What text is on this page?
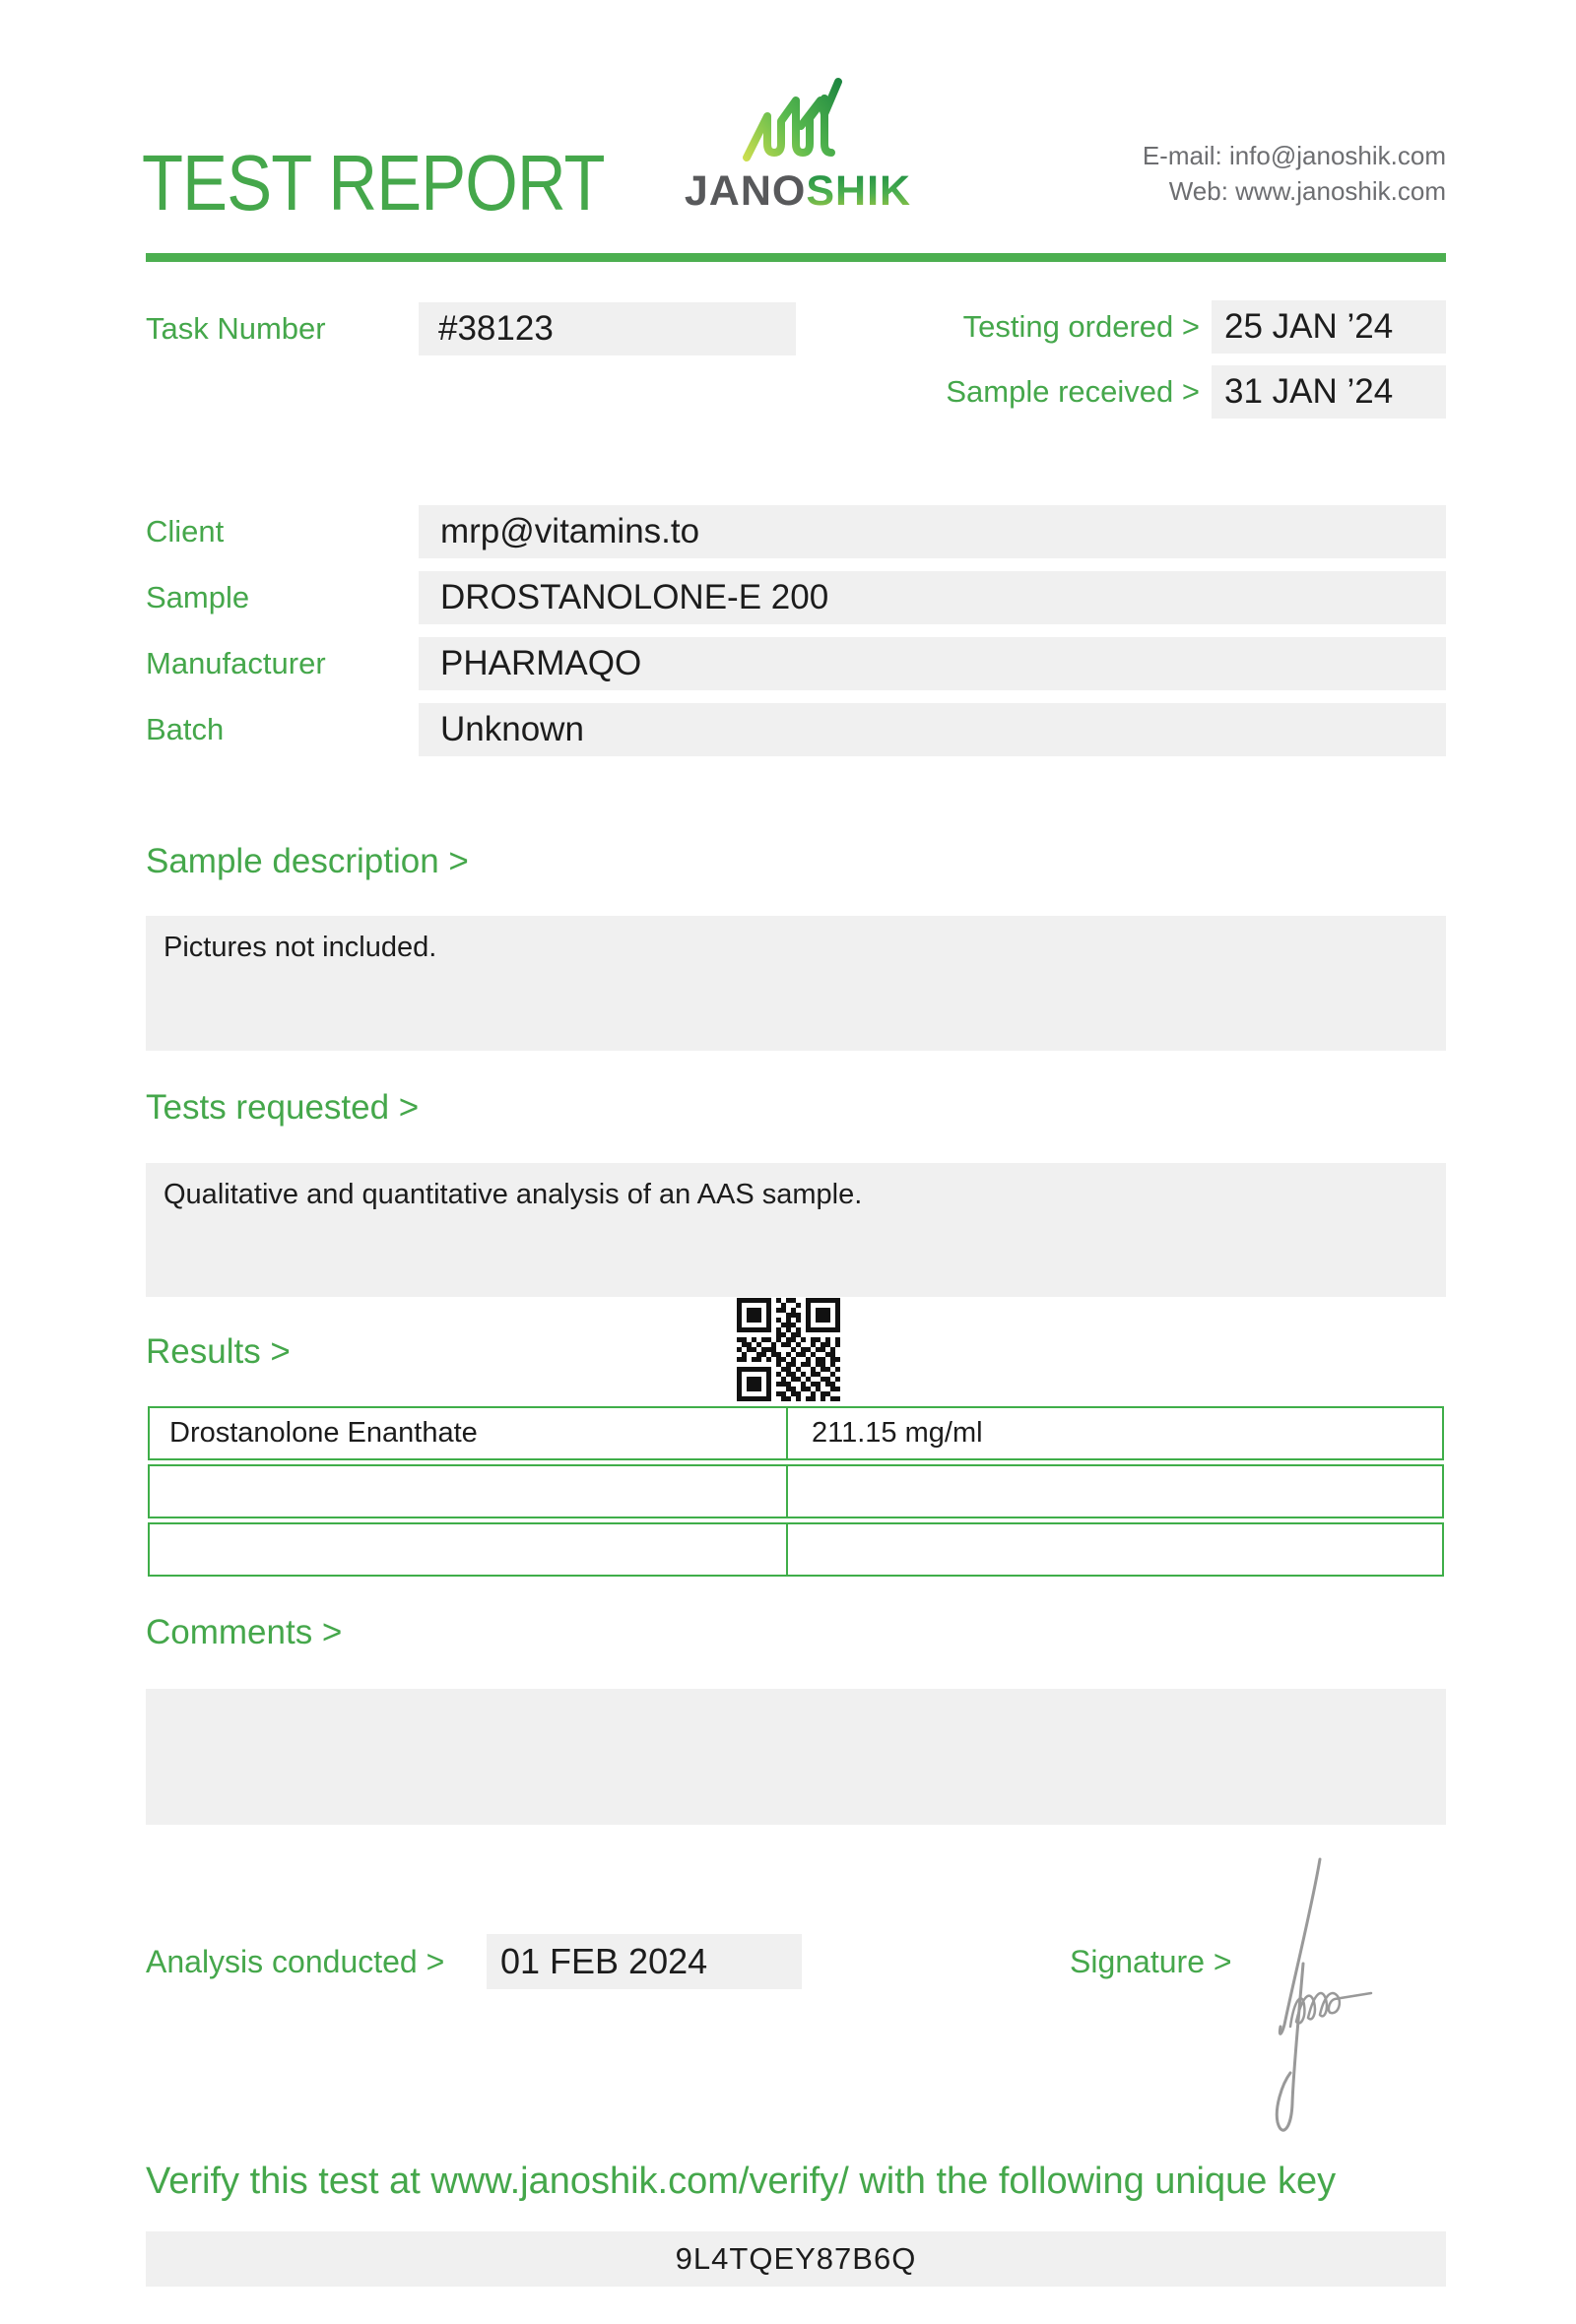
TEST REPORT	JANOSHIK
E-mail: info@janoshik.com
Web: www.janoshik.com
Task Number	#38123	Testing ordered > 25 JAN ’24
Sample received > 31 JAN ’24
Client	mrp@vitamins.to
Sample	DROSTANOLONE-E 200
Manufacturer	PHARMAQO
Batch	Unknown
Sample description >
Pictures not included.
Tests requested >
Qualitative and quantitative analysis of an AAS sample.
Results >
Drostanolone Enanthate	211.15 mg/ml
Comments >
Analysis conducted > 01 FEB 2024	Signature >
Verify this test at www.janoshik.com/verify/ with the following unique key
9L4TQEY87B6Q
